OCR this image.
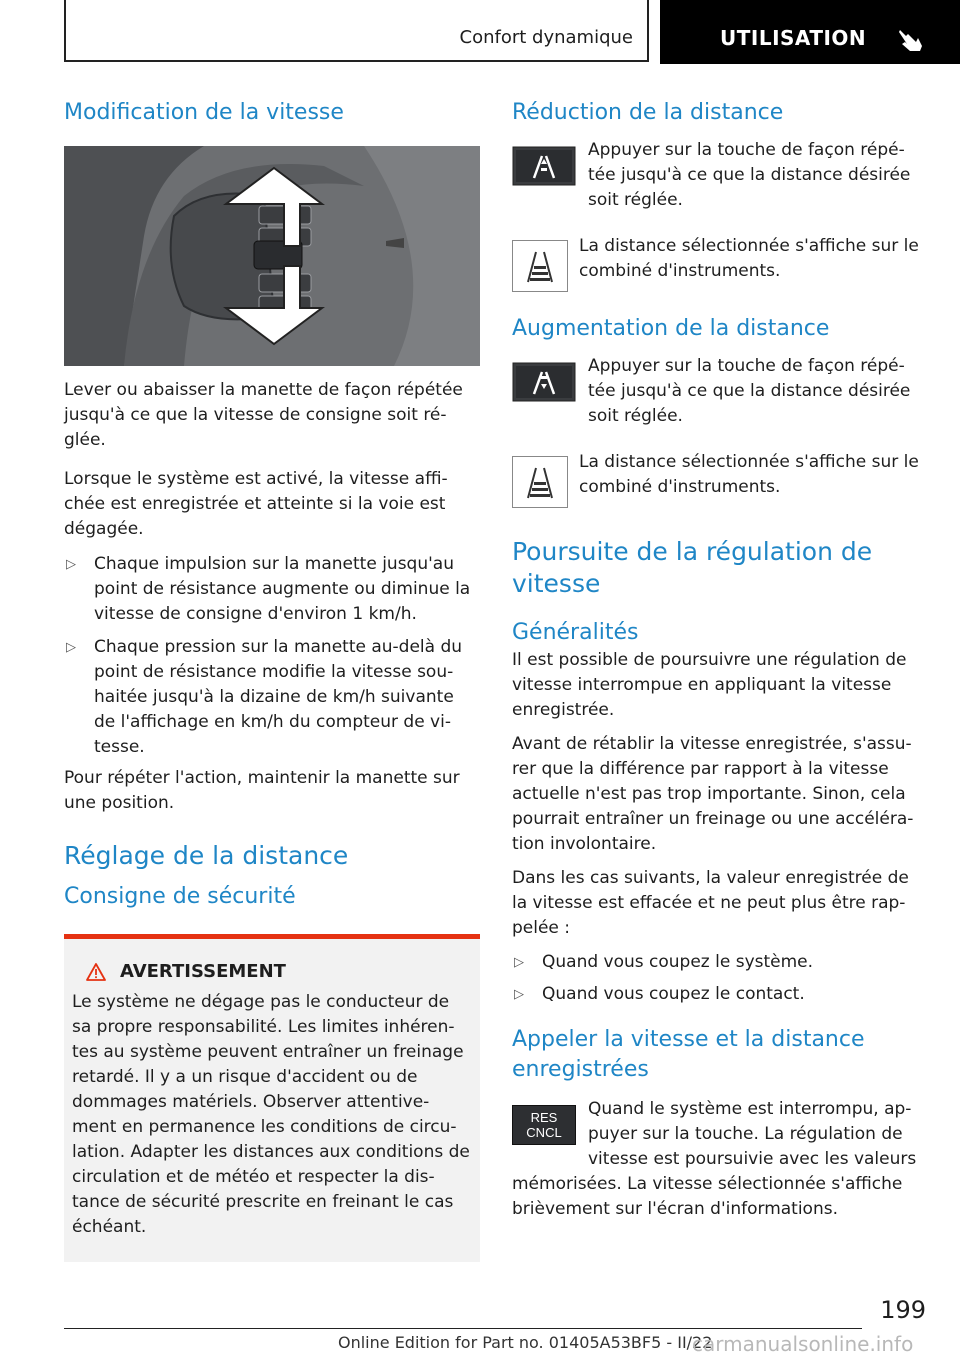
Confort dynamique	UTILISATION
Modification de la vitesse

Lever ou abaisser la manette de façon répétée jusqu'à ce que la vitesse de consigne soit ré-glée.

Lorsque le système est activé, la vitesse affi-chée est enregistrée et atteinte si la voie est dégagée.

▷ Chaque impulsion sur la manette jusqu'au point de résistance augmente ou diminue la vitesse de consigne d'environ 1 km/h.
▷ Chaque pression sur la manette au-delà du point de résistance modifie la vitesse sou-haitée jusqu'à la dizaine de km/h suivante de l'affichage en km/h du compteur de vi-tesse.

Pour répéter l'action, maintenir la manette sur une position.

Réglage de la distance
Consigne de sécurité
AVERTISSEMENT

Le système ne dégage pas le conducteur de sa propre responsabilité. Les limites inhéren-tes au système peuvent entraîner un freinage retardé. Il y a un risque d'accident ou de dommages matériels. Observer attentive-ment en permanence les conditions de circu-lation. Adapter les distances aux conditions de circulation et de météo et respecter la dis-tance de sécurité prescrite en freinant le cas échéant.

Réduction de la distance
Appuyer sur la touche de façon répé-tée jusqu'à ce que la distance désirée soit réglée.
La distance sélectionnée s'affiche sur le combiné d'instruments.
Augmentation de la distance
Appuyer sur la touche de façon répé-tée jusqu'à ce que la distance désirée soit réglée.
La distance sélectionnée s'affiche sur le combiné d'instruments.
Poursuite de la régulation de vitesse
Généralités

Il est possible de poursuivre une régulation de vitesse interrompue en appliquant la vitesse enregistrée.

Avant de rétablir la vitesse enregistrée, s'assu-rer que la différence par rapport à la vitesse actuelle n'est pas trop importante. Sinon, cela pourrait entraîner un freinage ou une accéléra-tion involontaire.

Dans les cas suivants, la valeur enregistrée de la vitesse est effacée et ne peut plus être rap-pelée :

▷ Quand vous coupez le système.
▷ Quand vous coupez le contact.
Appeler la vitesse et la distance enregistrées
RES
CNCL
Quand le système est interrompu, ap-puyer sur la touche. La régulation de vitesse est poursuivie avec les valeurs
mémorisées. La vitesse sélectionnée s'affiche brièvement sur l'écran d'informations.
199
Online Edition for Part no. 01405A53BF5 - II/22
carmanualsonline.info
